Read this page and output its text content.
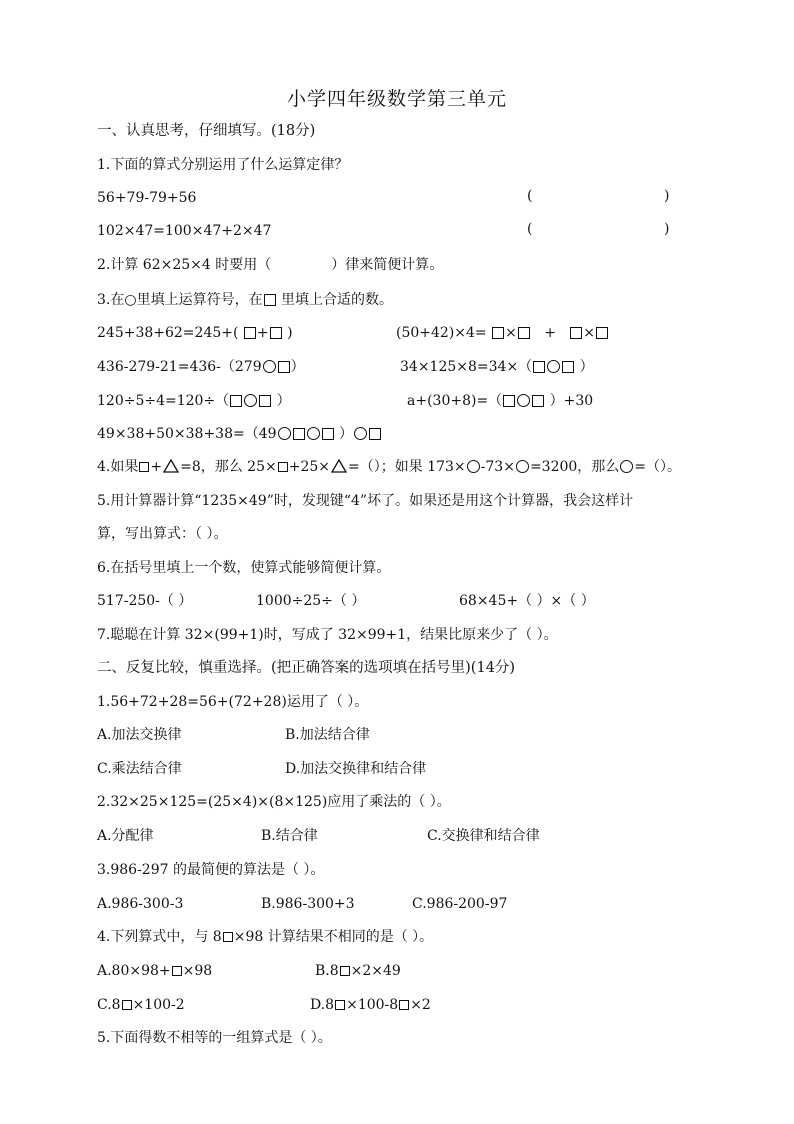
小学四年级数学第三单元
一、认真思考，仔细填写。(18分)
1.下面的算式分别运用了什么运算定律？
56+79-79+56	(	)
102×47=100×47+2×47	(	)
2.计算 62×25×4 时要用（	）律来简便计算。
3.在○里填上运算符号，在 里填上合适的数。
245+38+62=245+( + )	(50+42)×4= × + ×
436-279-21=436-（279 ）	34×125×8=34×（	）
120÷5÷4=120÷（	）	a+(30+8)=（	）+30
49×38+50×38+38=（49	）
4.如果 + =8，那么 25× +25× =（）；如果 173× -73× =3200，那么 =（）。
5.用计算器计算“1235×49”时，发现键“4”坏了。如果还是用这个计算器，我会这样计
算，写出算式：（ ）。
6.在括号里填上一个数，使算式能够简便计算。
517-250-（ ）	1000÷25÷（ ）	68×45+（ ）×（ ）
7.聪聪在计算 32×(99+1)时，写成了 32×99+1，结果比原来少了（ ）。
二、反复比较，慎重选择。(把正确答案的选项填在括号里)(14分)
1.56+72+28=56+(72+28)运用了（ ）。
A.加法交换律	B.加法结合律
C.乘法结合律	D.加法交换律和结合律
2.32×25×125=(25×4)×(8×125)应用了乘法的（ ）。
A.分配律	B.结合律	C.交换律和结合律
3.986-297 的最简便的算法是（ ）。
A.986-300-3	B.986-300+3	C.986-200-97
4.下列算式中，与 8 ×98 计算结果不相同的是（ ）。
A.80×98+ ×98	B.8 ×2×49
C.8 ×100-2	D.8 ×100-8 ×2
5.下面得数不相等的一组算式是（ ）。
